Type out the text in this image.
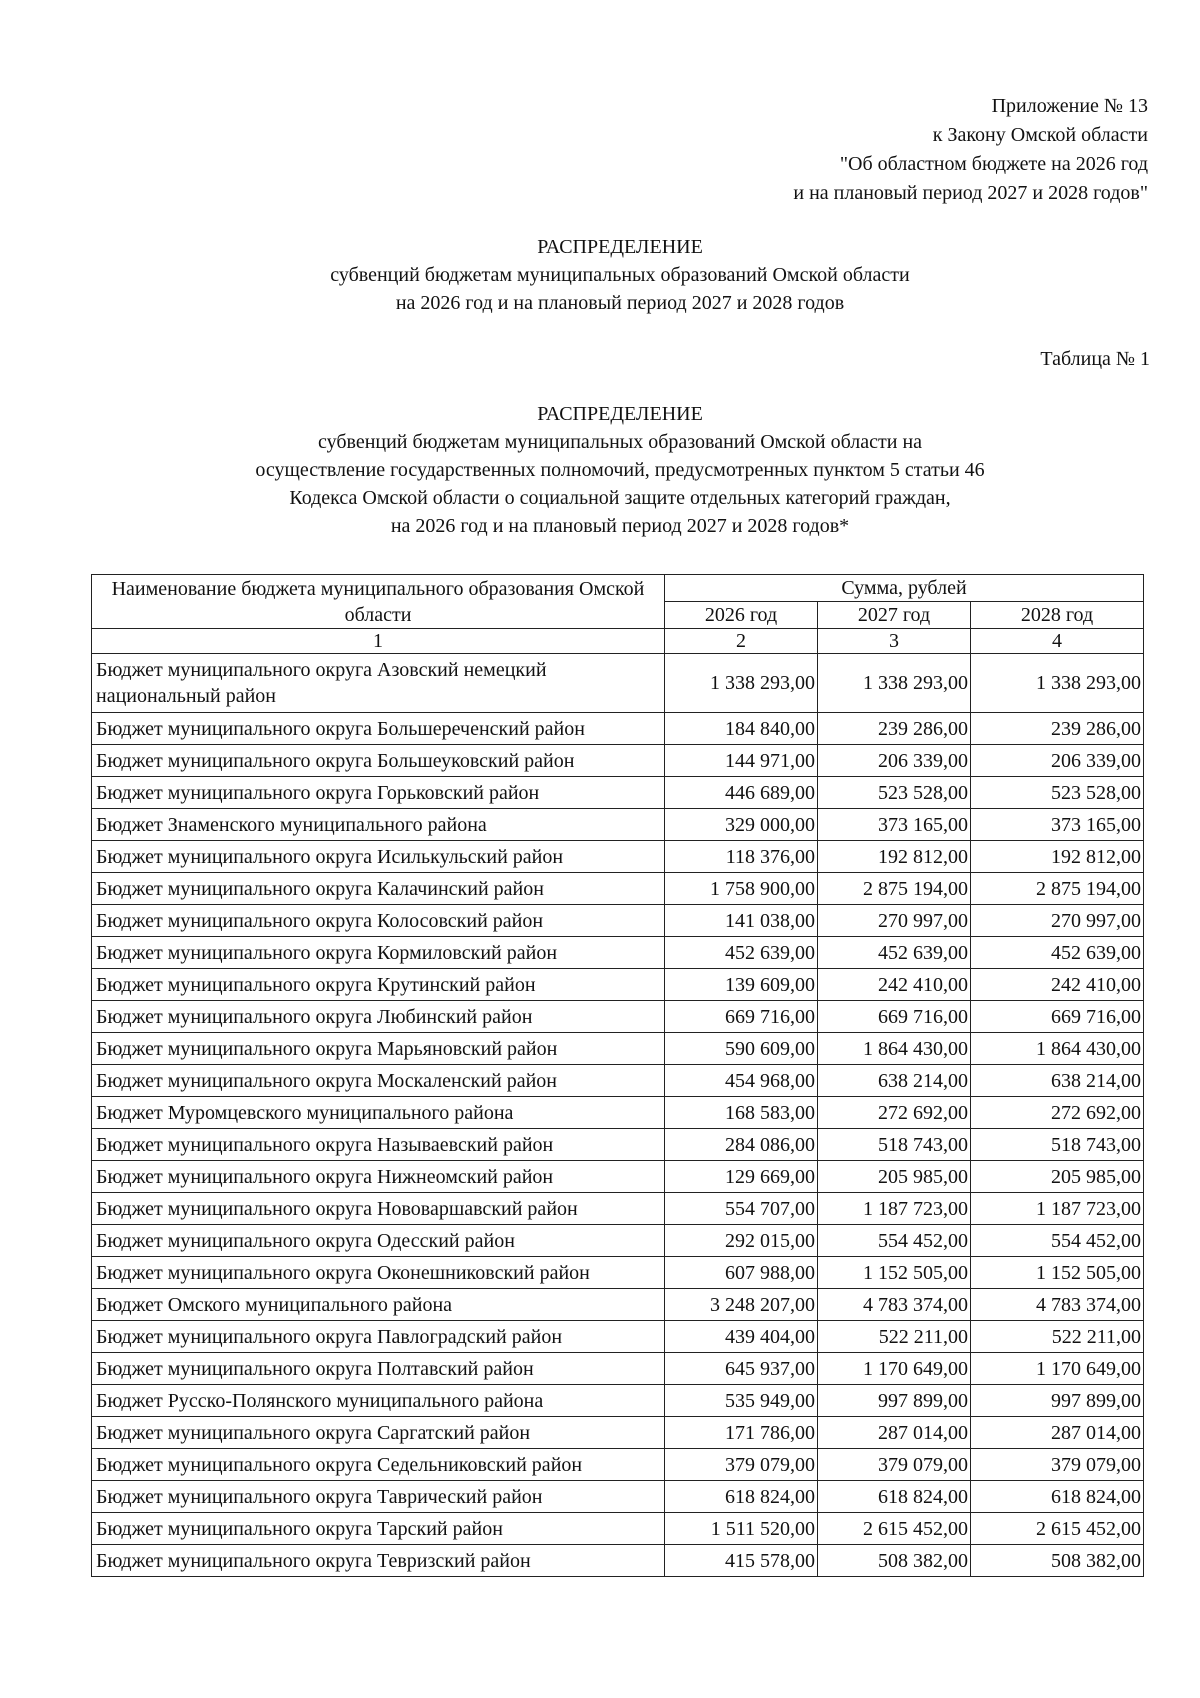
Приложение № 13
к Закону Омской области
"Об областном бюджете на 2026 год
и на плановый период 2027 и 2028 годов"
РАСПРЕДЕЛЕНИЕ
субвенций бюджетам муниципальных образований Омской области
на 2026 год и на плановый период 2027 и 2028 годов
Таблица № 1
РАСПРЕДЕЛЕНИЕ
субвенций бюджетам муниципальных образований Омской области на
осуществление государственных полномочий, предусмотренных пунктом 5 статьи 46
Кодекса Омской области о социальной защите отдельных категорий граждан,
на 2026 год и на плановый период 2027 и 2028 годов*
Наименование бюджета муниципального образования Омской области	Сумма, рублей		
	2026 год	2027 год	2028 год
1	2	3	4
Бюджет муниципального округа Азовский немецкий национальный район	1 338 293,00	1 338 293,00	1 338 293,00
Бюджет муниципального округа Большереченский район	184 840,00	239 286,00	239 286,00
Бюджет муниципального округа Большеуковский район	144 971,00	206 339,00	206 339,00
Бюджет муниципального округа Горьковский район	446 689,00	523 528,00	523 528,00
Бюджет Знаменского муниципального района	329 000,00	373 165,00	373 165,00
Бюджет муниципального округа Исилькульский район	118 376,00	192 812,00	192 812,00
Бюджет муниципального округа Калачинский район	1 758 900,00	2 875 194,00	2 875 194,00
Бюджет муниципального округа Колосовский район	141 038,00	270 997,00	270 997,00
Бюджет муниципального округа Кормиловский район	452 639,00	452 639,00	452 639,00
Бюджет муниципального округа Крутинский район	139 609,00	242 410,00	242 410,00
Бюджет муниципального округа Любинский район	669 716,00	669 716,00	669 716,00
Бюджет муниципального округа Марьяновский район	590 609,00	1 864 430,00	1 864 430,00
Бюджет муниципального округа Москаленский район	454 968,00	638 214,00	638 214,00
Бюджет Муромцевского муниципального района	168 583,00	272 692,00	272 692,00
Бюджет муниципального округа Называевский район	284 086,00	518 743,00	518 743,00
Бюджет муниципального округа Нижнеомский район	129 669,00	205 985,00	205 985,00
Бюджет муниципального округа Нововаршавский район	554 707,00	1 187 723,00	1 187 723,00
Бюджет муниципального округа Одесский район	292 015,00	554 452,00	554 452,00
Бюджет муниципального округа Оконешниковский район	607 988,00	1 152 505,00	1 152 505,00
Бюджет Омского муниципального района	3 248 207,00	4 783 374,00	4 783 374,00
Бюджет муниципального округа Павлоградский район	439 404,00	522 211,00	522 211,00
Бюджет муниципального округа Полтавский район	645 937,00	1 170 649,00	1 170 649,00
Бюджет Русско-Полянского муниципального района	535 949,00	997 899,00	997 899,00
Бюджет муниципального округа Саргатский район	171 786,00	287 014,00	287 014,00
Бюджет муниципального округа Седельниковский район	379 079,00	379 079,00	379 079,00
Бюджет муниципального округа Таврический район	618 824,00	618 824,00	618 824,00
Бюджет муниципального округа Тарский район	1 511 520,00	2 615 452,00	2 615 452,00
Бюджет муниципального округа Тевризский район	415 578,00	508 382,00	508 382,00
